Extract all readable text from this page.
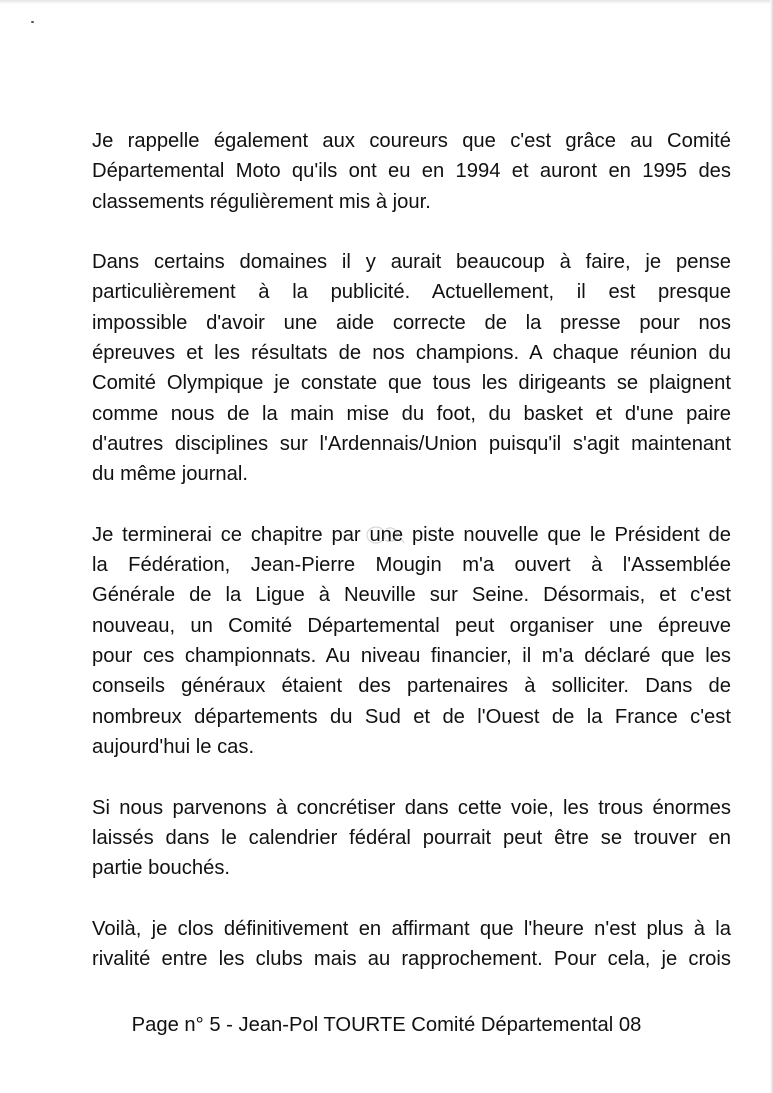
Je rappelle également aux coureurs que c'est grâce au Comité
Départemental Moto qu'ils ont eu en 1994 et auront en 1995 des
classements régulièrement mis à jour.

Dans certains domaines il y aurait beaucoup à faire, je pense
particulièrement à la publicité. Actuellement, il est presque
impossible d'avoir une aide correcte de la presse pour nos
épreuves et les résultats de nos champions. A chaque réunion du
Comité Olympique je constate que tous les dirigeants se plaignent
comme nous de la main mise du foot, du basket et d'une paire
d'autres disciplines sur l'Ardennais/Union puisqu'il s'agit maintenant
du même journal.

Je terminerai ce chapitre par une piste nouvelle que le Président de
la Fédération, Jean-Pierre Mougin m'a ouvert à l'Assemblée
Générale de la Ligue à Neuville sur Seine. Désormais, et c'est
nouveau, un Comité Départemental peut organiser une épreuve
pour ces championnats. Au niveau financier, il m'a déclaré que les
conseils généraux étaient des partenaires à solliciter. Dans de
nombreux départements du Sud et de l'Ouest de la France c'est
aujourd'hui le cas.

Si nous parvenons à concrétiser dans cette voie, les trous énormes
laissés dans le calendrier fédéral pourrait peut être se trouver en
partie bouchés.

Voilà, je clos définitivement en affirmant que l'heure n'est plus à la
rivalité entre les clubs mais au rapprochement. Pour cela, je crois

Page n° 5 - Jean-Pol TOURTE Comité Départemental 08
